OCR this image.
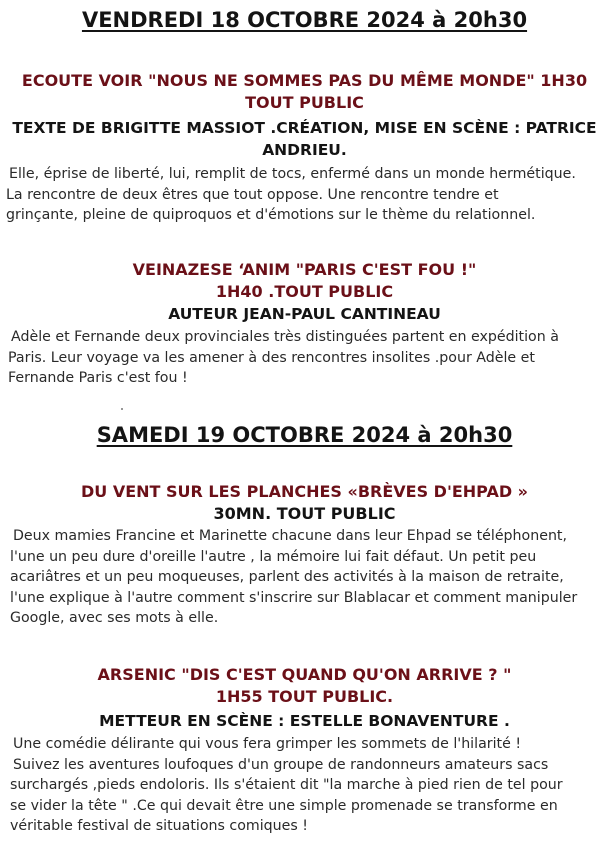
VENDREDI 18 OCTOBRE 2024 à 20h30
ECOUTE VOIR "NOUS NE SOMMES PAS DU MÊME MONDE" 1H30
TOUT PUBLIC
TEXTE DE BRIGITTE MASSIOT .CRÉATION, MISE EN SCÈNE : PATRICE
ANDRIEU.
Elle, éprise de liberté, lui, remplit de tocs, enfermé dans un monde hermétique.
La rencontre de deux êtres que tout oppose. Une rencontre tendre et
grinçante, pleine de quiproquos et d'émotions sur le thème du relationnel.
VEINAZESE ‘ANIM "PARIS C'EST FOU !"
1H40 .TOUT PUBLIC
AUTEUR JEAN-PAUL CANTINEAU
Adèle et Fernande deux provinciales très distinguées partent en expédition à
Paris. Leur voyage va les amener à des rencontres insolites .pour Adèle et
Fernande Paris c'est fou !
SAMEDI 19 OCTOBRE 2024 à 20h30
DU VENT SUR LES PLANCHES «BRÈVES D'EHPAD »
30MN. TOUT PUBLIC
Deux mamies Francine et Marinette chacune dans leur Ehpad se téléphonent,
l'une un peu dure d'oreille l'autre , la mémoire lui fait défaut. Un petit peu
acariâtres et un peu moqueuses, parlent des activités à la maison de retraite,
l'une explique à l'autre comment s'inscrire sur Blablacar et comment manipuler
Google, avec ses mots à elle.
ARSENIC "DIS C'EST QUAND QU'ON ARRIVE ? "
1H55 TOUT PUBLIC.
METTEUR EN SCÈNE : ESTELLE BONAVENTURE .
Une comédie délirante qui vous fera grimper les sommets de l'hilarité !
Suivez les aventures loufoques d'un groupe de randonneurs amateurs sacs
surchargés ,pieds endoloris. Ils s'étaient dit "la marche à pied rien de tel pour
se vider la tête " .Ce qui devait être une simple promenade se transforme en
véritable festival de situations comiques !
